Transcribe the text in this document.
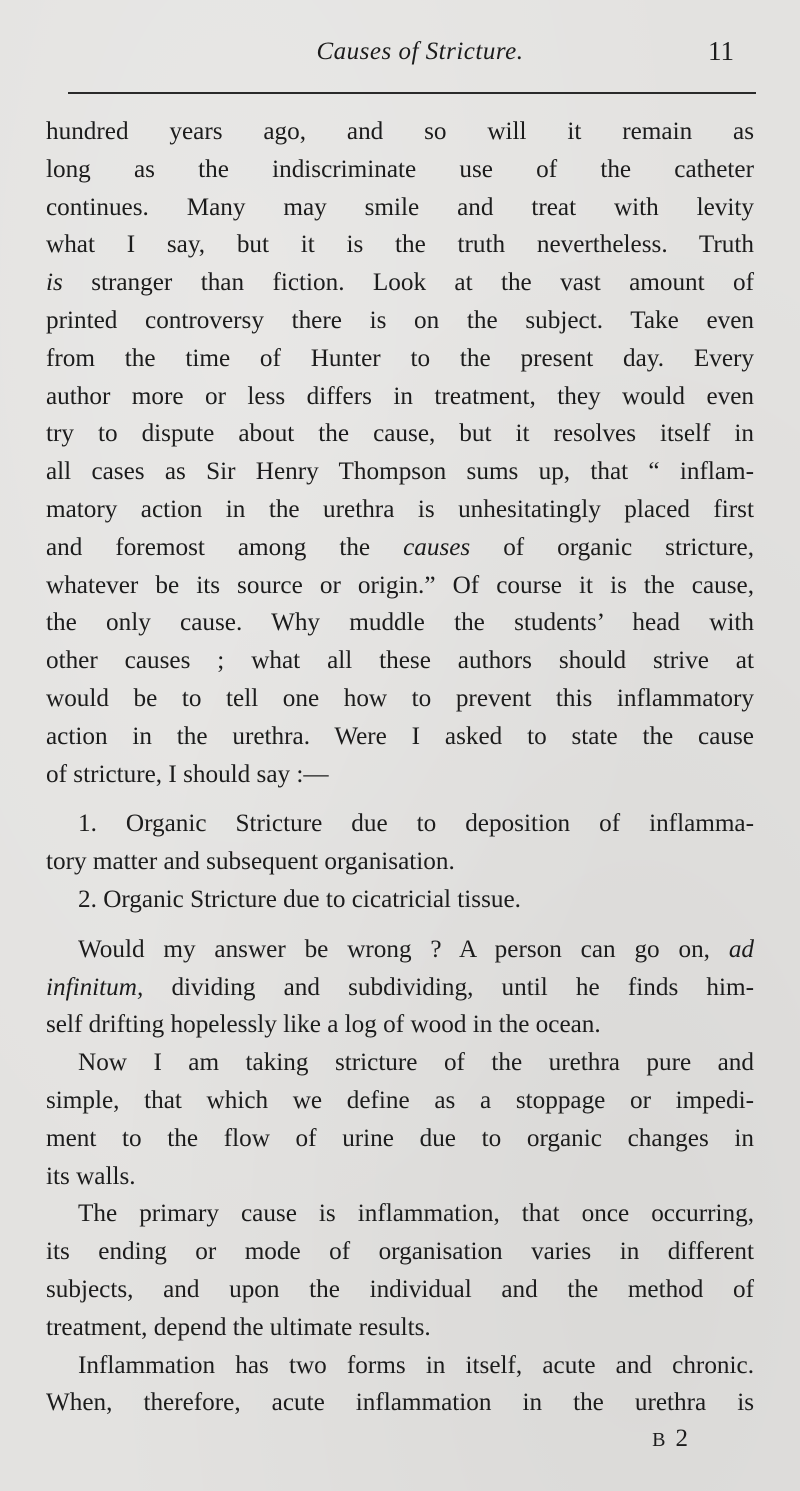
Causes of Stricture.	11
hundred years ago, and so will it remain as
long as the indiscriminate use of the catheter
continues. Many may smile and treat with levity
what I say, but it is the truth nevertheless. Truth
is stranger than fiction. Look at the vast amount of
printed controversy there is on the subject. Take even
from the time of Hunter to the present day. Every
author more or less differs in treatment, they would even
try to dispute about the cause, but it resolves itself in
all cases as Sir Henry Thompson sums up, that “ inflam-
matory action in the urethra is unhesitatingly placed first
and foremost among the causes of organic stricture,
whatever be its source or origin.” Of course it is the cause,
the only cause. Why muddle the students’ head with
other causes ; what all these authors should strive at
would be to tell one how to prevent this inflammatory
action in the urethra. Were I asked to state the cause
of stricture, I should say :—
1. Organic Stricture due to deposition of inflamma-
tory matter and subsequent organisation.
2. Organic Stricture due to cicatricial tissue.
Would my answer be wrong ? A person can go on, ad
infinitum, dividing and subdividing, until he finds him-
self drifting hopelessly like a log of wood in the ocean.
Now I am taking stricture of the urethra pure and
simple, that which we define as a stoppage or impedi-
ment to the flow of urine due to organic changes in
its walls.
The primary cause is inflammation, that once occurring,
its ending or mode of organisation varies in different
subjects, and upon the individual and the method of
treatment, depend the ultimate results.
Inflammation has two forms in itself, acute and chronic.
When, therefore, acute inflammation in the urethra is
B 2
